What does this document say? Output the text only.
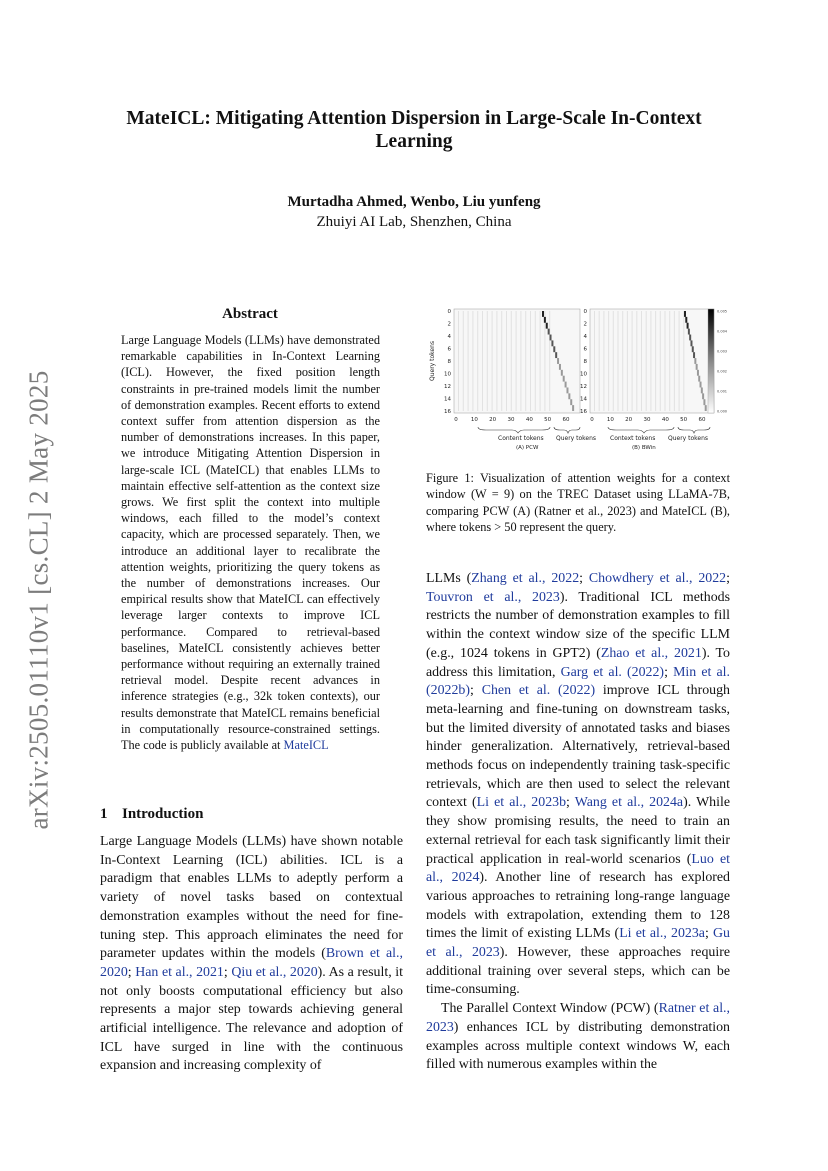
arXiv:2505.01110v1 [cs.CL] 2 May 2025
MateICL: Mitigating Attention Dispersion in Large-Scale In-Context Learning
Murtadha Ahmed, Wenbo, Liu yunfeng
Zhuiyi AI Lab, Shenzhen, China
Abstract
Large Language Models (LLMs) have demonstrated remarkable capabilities in In-Context Learning (ICL). However, the fixed position length constraints in pre-trained models limit the number of demonstration examples. Recent efforts to extend context suffer from attention dispersion as the number of demonstrations increases. In this paper, we introduce Mitigating Attention Dispersion in large-scale ICL (MateICL) that enables LLMs to maintain effective self-attention as the context size grows. We first split the context into multiple windows, each filled to the model’s context capacity, which are processed separately. Then, we introduce an additional layer to recalibrate the attention weights, prioritizing the query tokens as the number of demonstrations increases. Our empirical results show that MateICL can effectively leverage larger contexts to improve ICL performance. Compared to retrieval-based baselines, MateICL consistently achieves better performance without requiring an externally trained retrieval model. Despite recent advances in inference strategies (e.g., 32k token contexts), our results demonstrate that MateICL remains beneficial in computationally resource-constrained settings. The code is publicly available at MateICL
1 Introduction
Large Language Models (LLMs) have shown notable In-Context Learning (ICL) abilities. ICL is a paradigm that enables LLMs to adeptly perform a variety of novel tasks based on contextual demonstration examples without the need for fine-tuning step. This approach eliminates the need for parameter updates within the models (Brown et al., 2020; Han et al., 2021; Qiu et al., 2020). As a result, it not only boosts computational efficiency but also represents a major step towards achieving general artificial intelligence. The relevance and adoption of ICL have surged in line with the continuous expansion and increasing complexity of
Query tokens
0
2
4
6
8
10
12
14
16
0 10 20 30 40 50 60
Content tokens Query tokens
(A) PCW
0
2
4
6
8
10
12
14
16
0 10 20 30 40 50 60
Context tokens Query tokens
(B) BWin
0.005
0.004
0.003
0.002
0.001
0.000
Figure 1: Visualization of attention weights for a context window (W = 9) on the TREC Dataset using LLaMA-7B, comparing PCW (A) (Ratner et al., 2023) and MateICL (B), where tokens > 50 represent the query.

LLMs (Zhang et al., 2022; Chowdhery et al., 2022; Touvron et al., 2023). Traditional ICL methods restricts the number of demonstration examples to fill within the context window size of the specific LLM (e.g., 1024 tokens in GPT2) (Zhao et al., 2021). To address this limitation, Garg et al. (2022); Min et al. (2022b); Chen et al. (2022) improve ICL through meta-learning and fine-tuning on downstream tasks, but the limited diversity of annotated tasks and biases hinder generalization. Alternatively, retrieval-based methods focus on independently training task-specific retrievals, which are then used to select the relevant context (Li et al., 2023b; Wang et al., 2024a). While they show promising results, the need to train an external retrieval for each task significantly limit their practical application in real-world scenarios (Luo et al., 2024). Another line of research has explored various approaches to retraining long-range language models with extrapolation, extending them to 128 times the limit of existing LLMs (Li et al., 2023a; Gu et al., 2023). However, these approaches require additional training over several steps, which can be time-consuming.

The Parallel Context Window (PCW) (Ratner et al., 2023) enhances ICL by distributing demonstration examples across multiple context windows W, each filled with numerous examples within the
